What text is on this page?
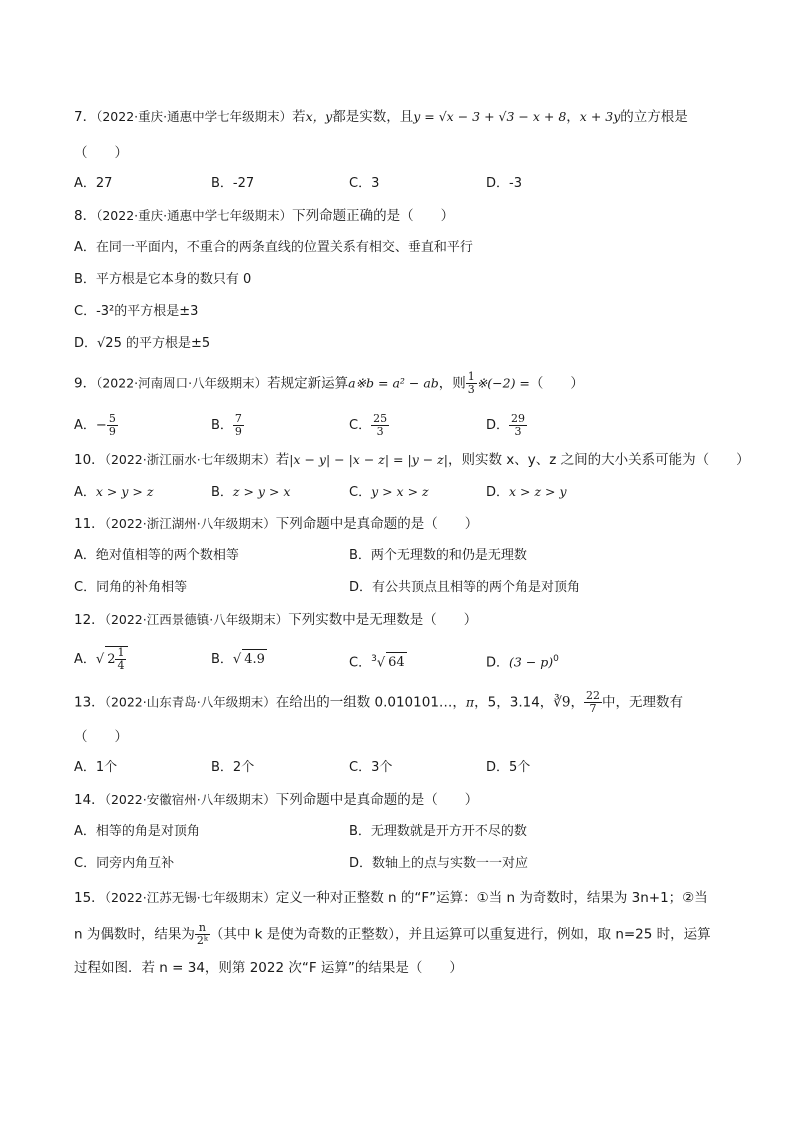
7．（2022·重庆·通惠中学七年级期末）若x，y都是实数，且y = √x − 3 + √3 − x + 8，x + 3y的立方根是
（　　）
A．27	B．-27	C．3	D．-3
8．（2022·重庆·通惠中学七年级期末）下列命题正确的是（　　）
A．在同一平面内，不重合的两条直线的位置关系有相交、垂直和平行
B．平方根是它本身的数只有 0
C．-3²的平方根是±3
D．√25 的平方根是±5
9．（2022·河南周口·八年级期末）若规定新运算a※b = a² − ab，则 $\frac{1}{3}$ ※(−2) =（　　）
A．− $\frac{5}{9}$	B． $\frac{7}{9}$	C． $\frac{25}{3}$	D． $\frac{29}{3}$
10．（2022·浙江丽水·七年级期末）若|x − y| − |x − z| = |y − z|，则实数 x、y、z 之间的大小关系可能为（　　）
A．x > y > z	B．z > y > x	C．y > x > z	D．x > z > y
11．（2022·浙江湖州·八年级期末）下列命题中是真命题的是（　　）
A．绝对值相等的两个数相等	B．两个无理数的和仍是无理数
C．同角的补角相等	D．有公共顶点且相等的两个角是对顶角
12．（2022·江西景德镇·八年级期末）下列实数中是无理数是（　　）
A．√ $2 \frac{1}{4}$	B．√ 4.9	C．$^3$√ 64	D．$(3 - p)^0$
13．（2022·山东青岛·八年级期末）在给出的一组数 0.010101…，π，5，3.14，∛9， $\frac{22}{7}$ 中，无理数有
（　　）
A．1个	B．2个	C．3个	D．5个
14．（2022·安徽宿州·八年级期末）下列命题中是真命题的是（　　）
A．相等的角是对顶角	B．无理数就是开方开不尽的数
C．同旁内角互补	D．数轴上的点与实数一一对应
15．（2022·江苏无锡·七年级期末）定义一种对正整数 n 的“F”运算：①当 n 为奇数时，结果为 3n+1；②当
n 为偶数时，结果为 $\frac{n}{\text{2ᵏ}}$ （其中 k 是使为奇数的正整数），并且运算可以重复进行，例如，取 n=25 时，运算
过程如图．若 n = 34，则第 2022 次“F 运算”的结果是（　　）
